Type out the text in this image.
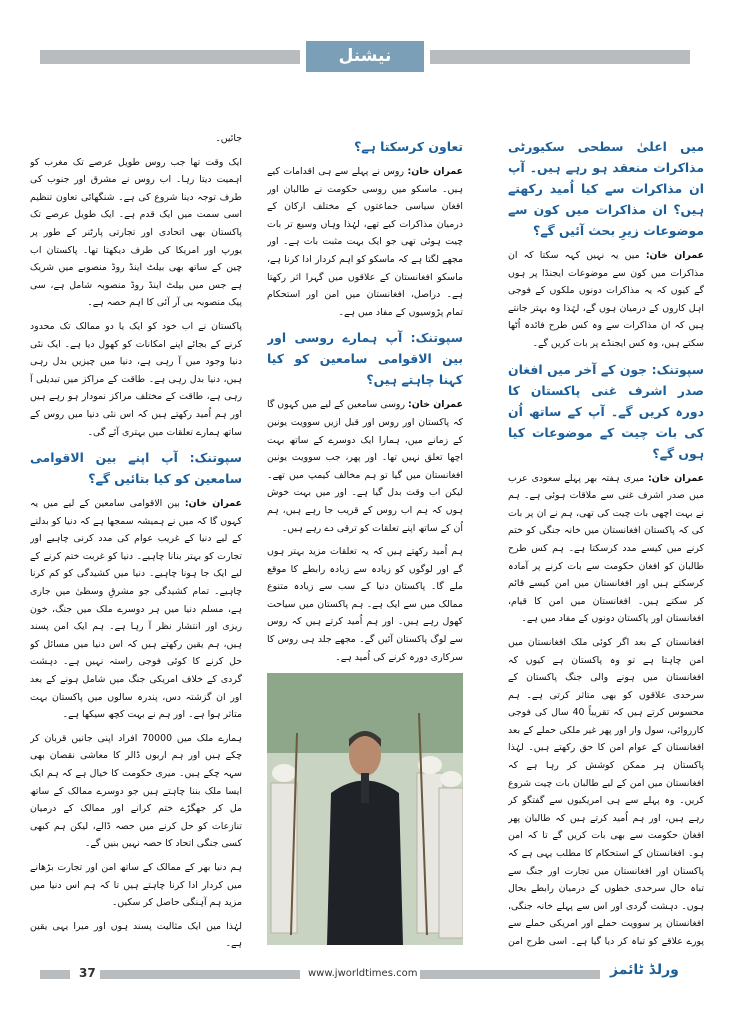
نیشنل
میں اعلیٰ سطحی سکیورٹی مذاکرات منعقد ہو رہے ہیں۔ آپ ان مذاکرات سے کیا اُمید رکھتے ہیں؟ ان مذاکرات میں کون سے موضوعات زیرِ بحث آئیں گے؟

عمران خان: میں یہ نہیں کہہ سکتا کہ ان مذاکرات میں کون سے موضوعات ایجنڈا پر ہوں گے کیوں کہ یہ مذاکرات دونوں ملکوں کے فوجی اہل کاروں کے درمیان ہوں گے، لہٰذا وہ بہتر جانتے ہیں کہ ان مذاکرات سے وہ کس طرح فائدہ اُٹھا سکتے ہیں، وہ کس ایجنڈے پر بات کریں گے۔

سپوتنک: جون کے آخر میں افغان صدر اشرف غنی پاکستان کا دورہ کریں گے۔ آپ کے ساتھ اُن کی بات چیت کے موضوعات کیا ہوں گے؟

عمران خان: میری ہفتہ بھر پہلے سعودی عرب میں صدر اشرف غنی سے ملاقات ہوئی ہے۔ ہم نے بہت اچھی بات چیت کی تھی، ہم نے ان پر بات کی کہ پاکستان افغانستان میں خانہ جنگی کو ختم کرنے میں کیسے مدد کرسکتا ہے۔ ہم کس طرح طالبان کو افغان حکومت سے بات کرنے پر آمادہ کرسکتے ہیں اور افغانستان میں امن کیسے قائم کر سکتے ہیں۔ افغانستان میں امن کا قیام، افغانستان اور پاکستان دونوں کے مفاد میں ہے۔

افغانستان کے بعد اگر کوئی ملک افغانستان میں امن چاہتا ہے تو وہ پاکستان ہے کیوں کہ افغانستان میں ہونے والی جنگ پاکستان کے سرحدی علاقوں کو بھی متاثر کرتی ہے۔ ہم محسوس کرتے ہیں کہ تقریباً 40 سال کی فوجی کارروائی، سول وار اور پھر غیر ملکی حملے کے بعد افغانستان کے عوام امن کا حق رکھتے ہیں۔ لہٰذا پاکستان ہر ممکن کوشش کر رہا ہے کہ افغانستان میں امن کے لیے طالبان بات چیت شروع کریں۔ وہ پہلے سے ہی امریکیوں سے گفتگو کر رہے ہیں، اور ہم اُمید کرتے ہیں کہ طالبان پھر افغان حکومت سے بھی بات کریں گے تا کہ امن ہو۔ افغانستان کے استحکام کا مطلب یہی ہے کہ پاکستان اور افغانستان میں تجارت اور جنگ سے تباہ حال سرحدی خطوں کے درمیان رابطے بحال ہوں۔ دہشت گردی اور اس سے پہلے خانہ جنگی، افغانستان پر سوویت حملے اور امریکی حملے سے پورے علاقے کو تباہ کر دیا گیا ہے۔ اسی طرح امن

تعاون کرسکتا ہے؟

عمران خان: روس نے پہلے سے ہی اقدامات کیے ہیں۔ ماسکو میں روسی حکومت نے طالبان اور افغان سیاسی جماعتوں کے مختلف ارکان کے درمیان مذاکرات کیے تھے، لہٰذا وہاں وسیع تر بات چیت ہوئی تھی جو ایک بہت مثبت بات ہے۔ اور مجھے لگتا ہے کہ ماسکو کو اہم کردار ادا کرنا ہے، ماسکو افغانستان کے علاقوں میں گہرا اثر رکھتا ہے۔ دراصل، افغانستان میں امن اور استحکام تمام پڑوسیوں کے مفاد میں ہے۔

سپوتنک: آپ ہمارے روسی اور بین الاقوامی سامعین کو کیا کہنا چاہتے ہیں؟

عمران خان: روسی سامعین کے لیے میں کہوں گا کہ پاکستان اور روس اور قبل ازیں سوویت یونین کے زمانے میں، ہمارا ایک دوسرے کے ساتھ بہت اچھا تعلق نہیں تھا۔ اور پھر، جب سوویت یونین افغانستان میں گیا تو ہم مخالف کیمپ میں تھے۔ لیکن اب وقت بدل گیا ہے۔ اور میں بہت خوش ہوں کہ ہم اب روس کے قریب جا رہے ہیں، ہم اُن کے ساتھ اپنے تعلقات کو ترقی دے رہے ہیں۔

ہم اُمید رکھتے ہیں کہ یہ تعلقات مزید بہتر ہوں گے اور لوگوں کو زیادہ سے زیادہ رابطے کا موقع ملے گا۔ پاکستان دنیا کے سب سے زیادہ متنوع ممالک میں سے ایک ہے۔ ہم پاکستان میں سیاحت کھول رہے ہیں۔ اور ہم اُمید کرتے ہیں کہ روس سے لوگ پاکستان آئیں گے۔ مجھے جلد ہی روس کا سرکاری دورہ کرنے کی اُمید ہے۔

جائیں۔

ایک وقت تھا جب روس طویل عرصے تک مغرب کو اہمیت دیتا رہا۔ اب روس نے مشرق اور جنوب کی طرف توجہ دینا شروع کی ہے۔ شنگھائی تعاون تنظیم اسی سمت میں ایک قدم ہے۔ ایک طویل عرصے تک پاکستان بھی اتحادی اور تجارتی پارٹنر کے طور پر یورپ اور امریکا کی طرف دیکھتا تھا۔ پاکستان اب چین کے ساتھ بھی بیلٹ اینڈ روڈ منصوبے میں شریک ہے جس میں بیلٹ اینڈ روڈ منصوبہ شامل ہے، سی پیک منصوبہ بی آر آئی کا اہم حصہ ہے۔

پاکستان نے اب خود کو ایک یا دو ممالک تک محدود کرنے کے بجائے اپنے امکانات کو کھول دیا ہے۔ ایک نئی دنیا وجود میں آ رہی ہے، دنیا میں چیزیں بدل رہی ہیں، دنیا بدل رہی ہے۔ طاقت کے مراکز میں تبدیلی آ رہی ہے، طاقت کے مختلف مراکز نمودار ہو رہے ہیں اور ہم اُمید رکھتے ہیں کہ اس نئی دنیا میں روس کے ساتھ ہمارے تعلقات میں بہتری آئے گی۔

سپوتنک: آپ اپنے بین الاقوامی سامعین کو کیا بتائیں گے؟

عمران خان: بین الاقوامی سامعین کے لیے میں یہ کہوں گا کہ میں نے ہمیشہ سمجھا ہے کہ دنیا کو بدلنے کے لیے دنیا کے غریب عوام کی مدد کرنی چاہیے اور تجارت کو بہتر بنانا چاہیے۔ دنیا کو غربت ختم کرنے کے لیے ایک جا ہونا چاہیے۔ دنیا میں کشیدگی کو کم کرنا چاہیے۔ تمام کشیدگی جو مشرقِ وسطیٰ میں جاری ہے، مسلم دنیا میں ہر دوسرے ملک میں جنگ، خون ریزی اور انتشار نظر آ رہا ہے۔ ہم ایک امن پسند ہیں، ہم یقین رکھتے ہیں کہ اس دنیا میں مسائل کو حل کرنے کا کوئی فوجی راستہ نہیں ہے۔ دہشت گردی کے خلاف امریکی جنگ میں شامل ہونے کے بعد اور ان گزشتہ دس، پندرہ سالوں میں پاکستان بہت متاثر ہوا ہے۔ اور ہم نے بہت کچھ سیکھا ہے۔

ہمارے ملک میں 70000 افراد اپنی جانیں قربان کر چکے ہیں اور ہم اربوں ڈالر کا معاشی نقصان بھی سہہ چکے ہیں۔ میری حکومت کا خیال ہے کہ ہم ایک ایسا ملک بننا چاہتے ہیں جو دوسرے ممالک کے ساتھ مل کر جھگڑے ختم کرانے اور ممالک کے درمیان تنازعات کو حل کرنے میں حصہ ڈالے، لیکن ہم کبھی کسی جنگی اتحاد کا حصہ نہیں بنیں گے۔

ہم دنیا بھر کے ممالک کے ساتھ امن اور تجارت بڑھانے میں کردار ادا کرنا چاہتے ہیں تا کہ ہم اس دنیا میں مزید ہم آہنگی حاصل کر سکیں۔

لہٰذا میں ایک مثالیت پسند ہوں اور میرا یہی یقین ہے۔

37	www.jworldtimes.com	ورلڈ ٹائمز
